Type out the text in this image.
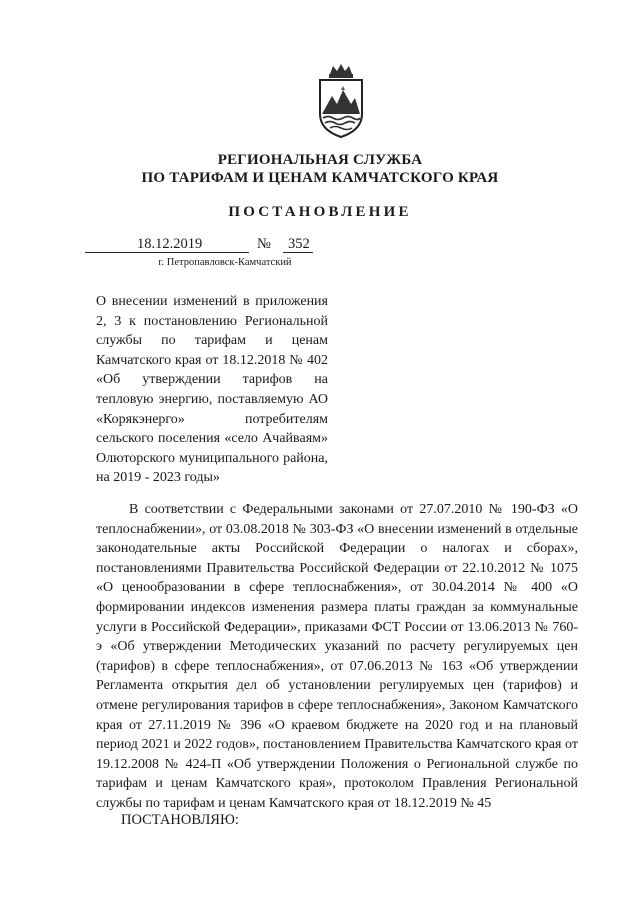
РЕГИОНАЛЬНАЯ СЛУЖБА
ПО ТАРИФАМ И ЦЕНАМ КАМЧАТСКОГО КРАЯ
ПОСТАНОВЛЕНИЕ
18.12.2019	№ 352
г. Петропавловск-Камчатский
О внесении изменений в приложения 2, 3 к постановлению Региональной службы по тарифам и ценам Камчатского края от 18.12.2018 № 402 «Об утверждении тарифов на тепловую энергию, поставляемую АО «Корякэнерго» потребителям сельского поселения «село Ачайваям» Олюторского муниципального района, на 2019 - 2023 годы»
В соответствии с Федеральными законами от 27.07.2010 № 190-ФЗ «О теплоснабжении», от 03.08.2018 № 303-ФЗ «О внесении изменений в отдельные законодательные акты Российской Федерации о налогах и сборах», постановлениями Правительства Российской Федерации от 22.10.2012 № 1075 «О ценообразовании в сфере теплоснабжения», от 30.04.2014 № 400 «О формировании индексов изменения размера платы граждан за коммунальные услуги в Российской Федерации», приказами ФСТ России от 13.06.2013 № 760-э «Об утверждении Методических указаний по расчету регулируемых цен (тарифов) в сфере теплоснабжения», от 07.06.2013 № 163 «Об утверждении Регламента открытия дел об установлении регулируемых цен (тарифов) и отмене регулирования тарифов в сфере теплоснабжения», Законом Камчатского края от 27.11.2019 № 396 «О краевом бюджете на 2020 год и на плановый период 2021 и 2022 годов», постановлением Правительства Камчатского края от 19.12.2008 № 424-П «Об утверждении Положения о Региональной службе по тарифам и ценам Камчатского края», протоколом Правления Региональной службы по тарифам и ценам Камчатского края от 18.12.2019 № 45
ПОСТАНОВЛЯЮ:
